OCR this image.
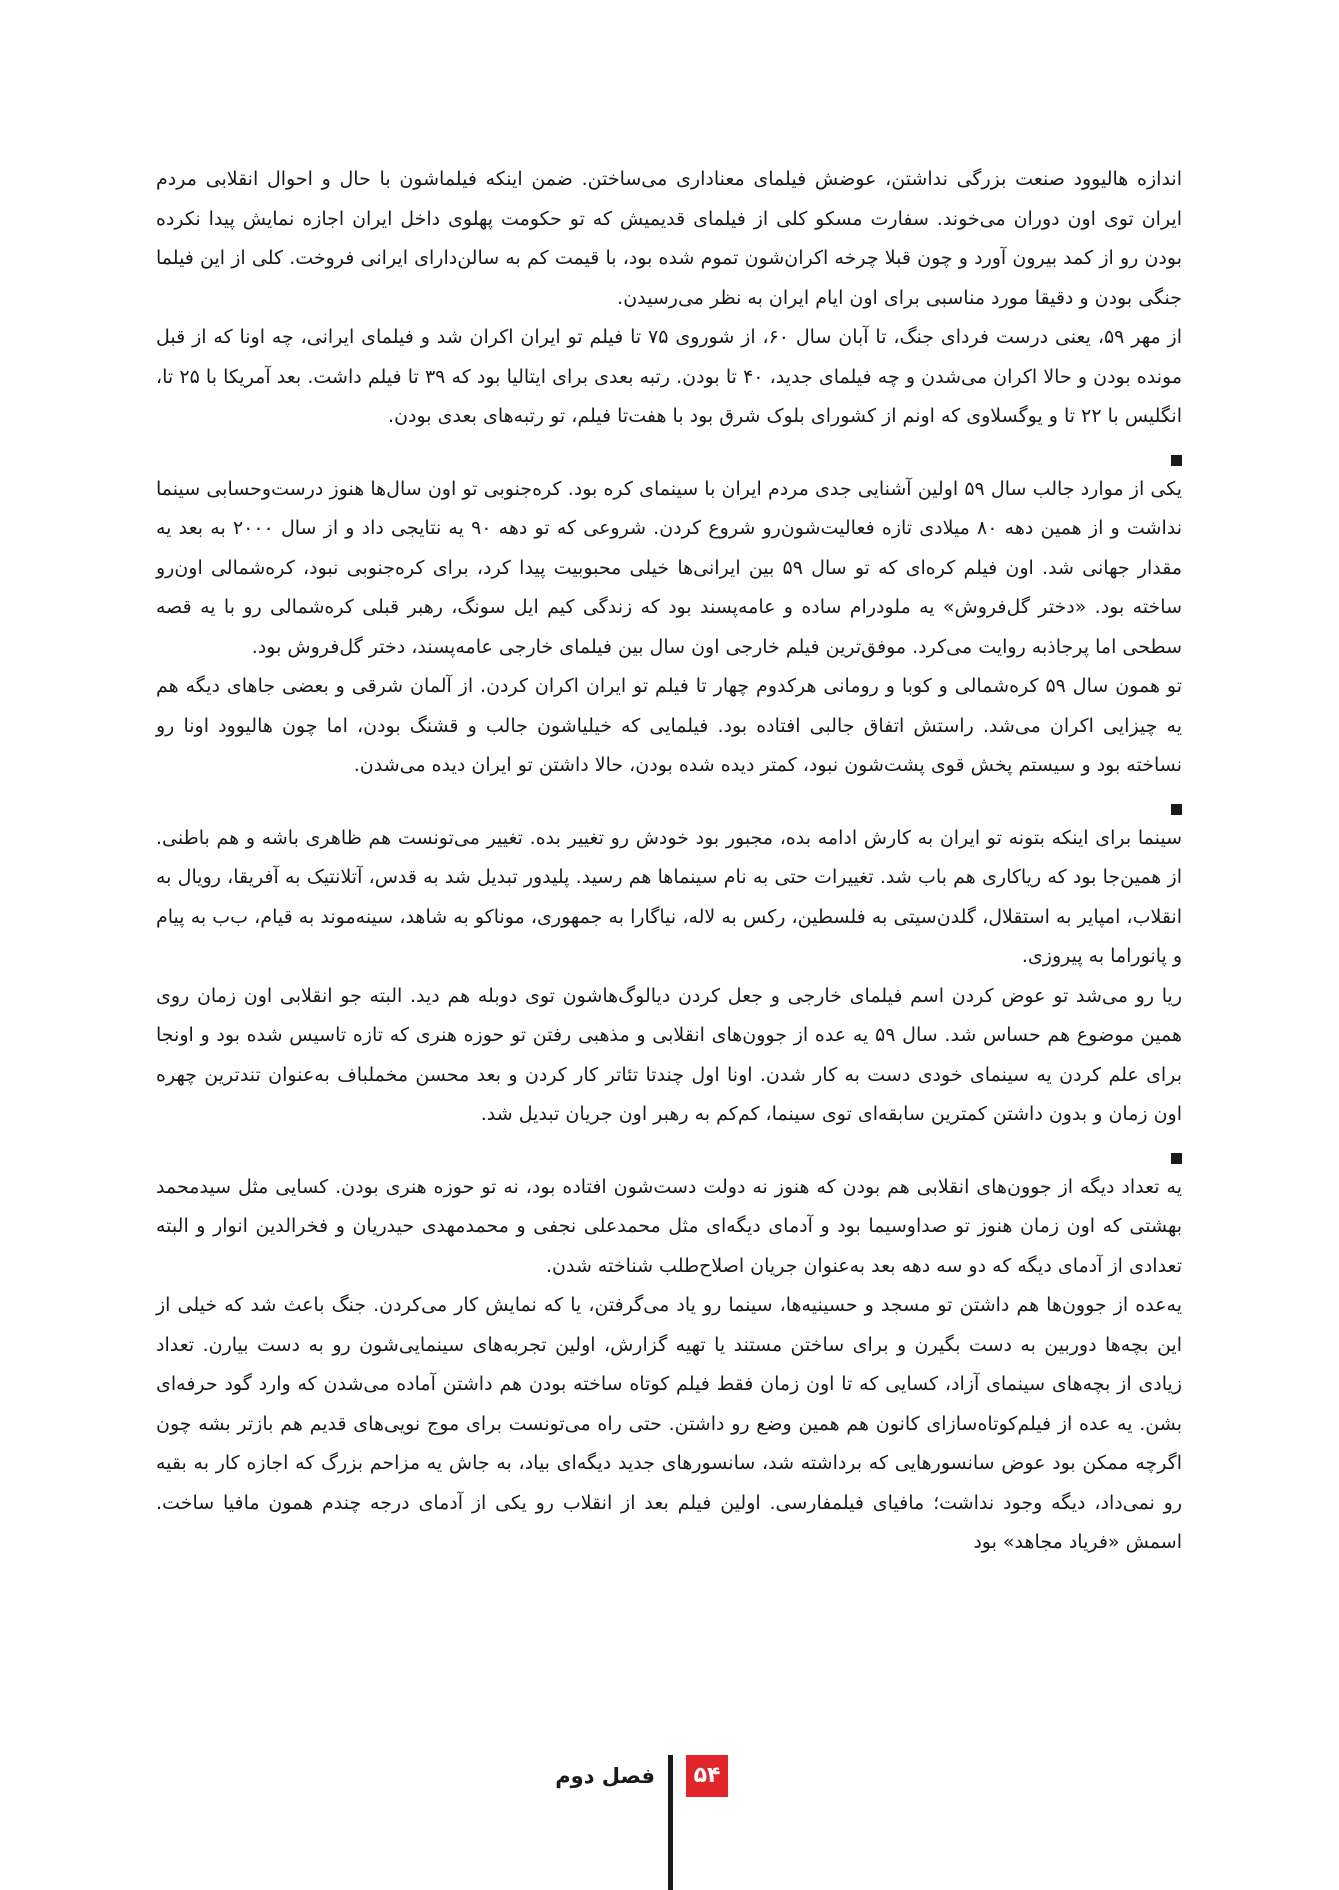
اندازه هالیوود صنعت بزرگی نداشتن، عوضش فیلمای معناداری می‌ساختن. ضمن اینکه فیلماشون با حال و احوال انقلابی مردم ایران توی اون دوران می‌خوند. سفارت مسکو کلی از فیلمای قدیمیش که تو حکومت پهلوی داخل ایران اجازه نمایش پیدا نکرده بودن رو از کمد بیرون آورد و چون قبلا چرخه اکران‌شون تموم شده بود، با قیمت کم به سالن‌دارای ایرانی فروخت. کلی از این فیلما جنگی بودن و دقیقا مورد مناسبی برای اون ایام ایران به نظر می‌رسیدن.

از مهر ۵۹، یعنی درست فردای جنگ، تا آبان سال ۶۰، از شوروی ۷۵ تا فیلم تو ایران اکران شد و فیلمای ایرانی، چه اونا که از قبل مونده بودن و حالا اکران می‌شدن و چه فیلمای جدید، ۴۰ تا بودن. رتبه بعدی برای ایتالیا بود که ۳۹ تا فیلم داشت. بعد آمریکا با ۲۵ تا، انگلیس با ۲۲ تا و یوگسلاوی که اونم از کشورای بلوک شرق بود با هفت‌تا فیلم، تو رتبه‌های بعدی بودن.

یکی از موارد جالب سال ۵۹ اولین آشنایی جدی مردم ایران با سینمای کره بود. کره‌جنوبی تو اون سال‌ها هنوز درست‌وحسابی سینما نداشت و از همین دهه ۸۰ میلادی تازه فعالیت‌شون‌رو شروع کردن. شروعی که تو دهه ۹۰ یه نتایجی داد و از سال ۲۰۰۰ به بعد یه مقدار جهانی شد. اون فیلم کره‌ای که تو سال ۵۹ بین ایرانی‌ها خیلی محبوبیت پیدا کرد، برای کره‌جنوبی نبود، کره‌شمالی اون‌رو ساخته بود. «دختر گل‌فروش» یه ملودرام ساده و عامه‌پسند بود که زندگی کیم ایل سونگ، رهبر قبلی کره‌شمالی رو با یه قصه سطحی اما پرجاذبه روایت می‌کرد. موفق‌ترین فیلم خارجی اون سال بین فیلمای خارجی عامه‌پسند، دختر گل‌فروش بود.

تو همون سال ۵۹ کره‌شمالی و کوبا و رومانی هرکدوم چهار تا فیلم تو ایران اکران کردن. از آلمان شرقی و بعضی جاهای دیگه هم یه چیزایی اکران می‌شد. راستش اتفاق جالبی افتاده بود. فیلمایی که خیلیاشون جالب و قشنگ بودن، اما چون هالیوود اونا رو نساخته بود و سیستم پخش قوی پشت‌شون نبود، کمتر دیده شده بودن، حالا داشتن تو ایران دیده می‌شدن.

سینما برای اینکه بتونه تو ایران به کارش ادامه بده، مجبور بود خودش رو تغییر بده. تغییر می‌تونست هم ظاهری باشه و هم باطنی. از همین‌جا بود که ریاکاری هم باب شد. تغییرات حتی به نام سینماها هم رسید. پلیدور تبدیل شد به قدس، آتلانتیک به آفریقا، رویال به انقلاب، امپایر به استقلال، گلدن‌سیتی به فلسطین، رکس به لاله، نیاگارا به جمهوری، موناکو به شاهد، سینه‌موند به قیام، ب‌ب به پیام و پانوراما به پیروزی.

ریا رو می‌شد تو عوض کردن اسم فیلمای خارجی و جعل کردن دیالوگ‌هاشون توی دوبله هم دید. البته جو انقلابی اون زمان روی همین موضوع هم حساس شد. سال ۵۹ یه عده از جوون‌های انقلابی و مذهبی رفتن تو حوزه هنری که تازه تاسیس شده بود و اونجا برای علم کردن یه سینمای خودی دست به کار شدن. اونا اول چندتا تئاتر کار کردن و بعد محسن مخملباف به‌عنوان تندترین چهره اون زمان و بدون داشتن کمترین سابقه‌ای توی سینما، کم‌کم به رهبر اون جریان تبدیل شد.

یه تعداد دیگه از جوون‌های انقلابی هم بودن که هنوز نه دولت دست‌شون افتاده بود، نه تو حوزه هنری بودن. کسایی مثل سیدمحمد بهشتی که اون زمان هنوز تو صداوسیما بود و آدمای دیگه‌ای مثل محمدعلی نجفی و محمدمهدی حیدریان و فخرالدین انوار و البته تعدادی از آدمای دیگه که دو سه دهه بعد به‌عنوان جریان اصلاح‌طلب شناخته شدن.

یه‌عده از جوون‌ها هم داشتن تو مسجد و حسینیه‌ها، سینما رو یاد می‌گرفتن، یا که نمایش کار می‌کردن. جنگ باعث شد که خیلی از این بچه‌ها دوربین به دست بگیرن و برای ساختن مستند یا تهیه گزارش، اولین تجربه‌های سینمایی‌شون رو به دست بیارن. تعداد زیادی از بچه‌های سینمای آزاد، کسایی که تا اون زمان فقط فیلم کوتاه ساخته بودن هم داشتن آماده می‌شدن که وارد گود حرفه‌ای بشن. یه عده از فیلم‌کوتاه‌سازای کانون هم همین وضع رو داشتن. حتی راه می‌تونست برای موج نویی‌های قدیم هم بازتر بشه چون اگرچه ممکن بود عوض سانسورهایی که برداشته شد، سانسورهای جدید دیگه‌ای بیاد، به جاش یه مزاحم بزرگ که اجازه کار به بقیه رو نمی‌داد، دیگه وجود نداشت؛ مافیای فیلمفارسی. اولین فیلم بعد از انقلاب رو یکی از آدمای درجه چندم همون مافیا ساخت. اسمش «فریاد مجاهد» بود

۵۴
فصل دوم
